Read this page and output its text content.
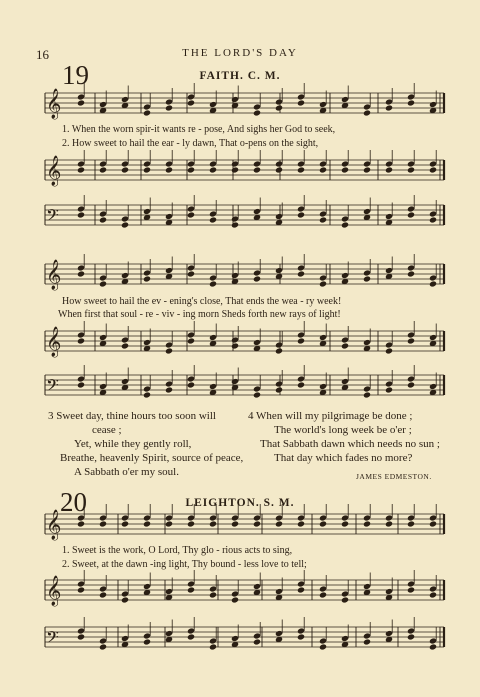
16	THE LORD'S DAY
19	FAITH. C. M.
𝄞
𝄞
𝄢
𝄞
𝄞
𝄢
𝄞
𝄞
𝄢
1. When the worn spir-it wants re - pose, And sighs her God to seek,
2. How sweet to hail the ear - ly dawn, That o-pens on the sight,
How sweet to hail the ev - ening's close, That ends the wea - ry week!
When first that soul - re - viv - ing morn Sheds forth new rays of light!
3 Sweet day, thine hours too soon will
cease ;
Yet, while they gently roll,
Breathe, heavenly Spirit, source of peace,
A Sabbath o'er my soul.
4 When will my pilgrimage be done ;
The world's long week be o'er ;
That Sabbath dawn which needs no sun ;
That day which fades no more?
JAMES EDMESTON.
20	LEIGHTON. S. M.
1. Sweet is the work, O Lord, Thy glo - rious acts to sing,
2. Sweet, at the dawn -ing light, Thy bound - less love to tell;
